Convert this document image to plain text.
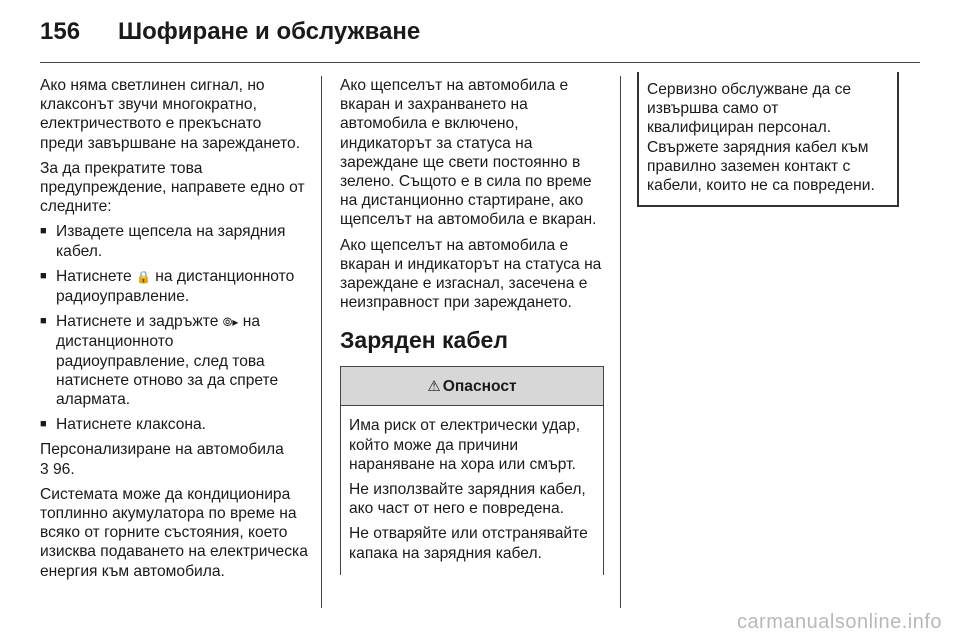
156	Шофиране и обслужване

Ако няма светлинен сигнал, но клаксонът звучи многократно, електричеството е прекъснато преди завършване на зареждането.

За да прекратите това предупреждение, направете едно от следните:

■ Извадете щепсела на зарядния кабел.
■ Натиснете 🔒 на дистанционното радиоуправление.
■ Натиснете и задръжте ⦾▸ на дистанционното радиоуправление, след това натиснете отново за да спрете алармата.
■ Натиснете клаксона.

Персонализиране на автомобила
3 96.

Системата може да кондиционира топлинно акумулатора по време на всяко от горните състояния, което изисква подаването на електрическа енергия към автомобила.

Ако щепселът на автомобила е вкаран и захранването на автомобила е включено, индикаторът за статуса на зареждане ще свети постоянно в зелено. Същото е в сила по време на дистанционно стартиране, ако щепселът на автомобила е вкаран.

Ако щепселът на автомобила е вкаран и индикаторът на статуса на зареждане е изгаснал, засечена е неизправност при зареждането.

Заряден кабел
⚠ Опасност

Има риск от електрически удар, който може да причини нараняване на хора или смърт.

Не използвайте зарядния кабел, ако част от него е повредена.

Не отваряйте или отстранявайте капака на зарядния кабел.

Сервизно обслужване да се извършва само от квалифициран персонал.

Свържете зарядния кабел към правилно заземен контакт с кабели, които не са повредени.

carmanualsonline.info
